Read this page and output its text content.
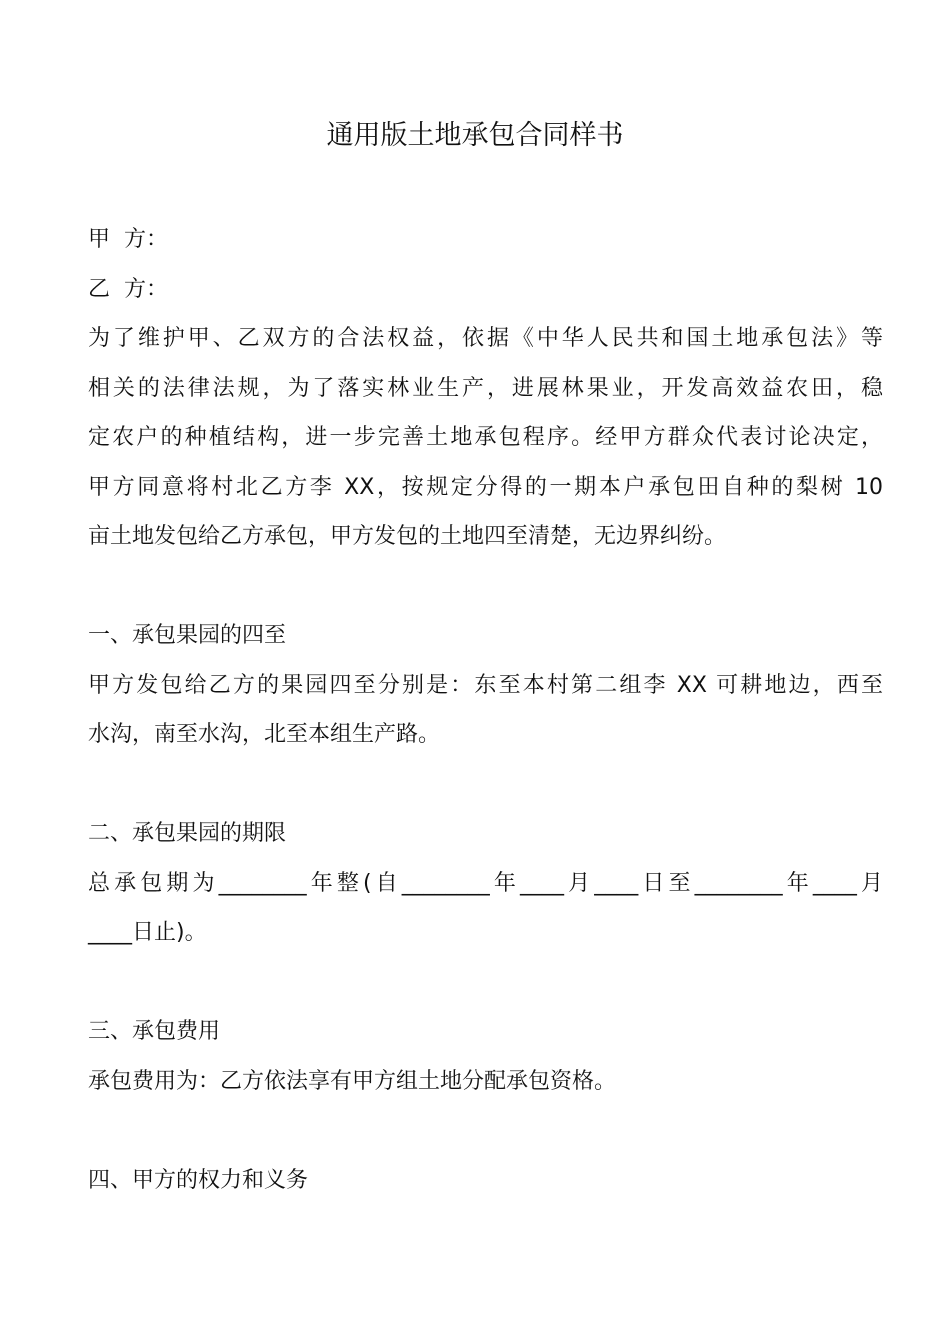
通用版土地承包合同样书
甲  方：
乙  方：
为了维护甲、乙双方的合法权益，依据《中华人民共和国土地承包法》等
相关的法律法规，为了落实林业生产，进展林果业，开发高效益农田，稳
定农户的种植结构，进一步完善土地承包程序。经甲方群众代表讨论决定，
甲方同意将村北乙方李 XX，按规定分得的一期本户承包田自种的梨树 10
亩土地发包给乙方承包，甲方发包的土地四至清楚，无边界纠纷。
一、承包果园的四至
甲方发包给乙方的果园四至分别是：东至本村第二组李 XX 可耕地边，西至
水沟，南至水沟，北至本组生产路。
二、承包果园的期限
总承包期为________年整(自________年____月____日至________年____月
____日止)。
三、承包费用
承包费用为：乙方依法享有甲方组土地分配承包资格。
四、甲方的权力和义务
